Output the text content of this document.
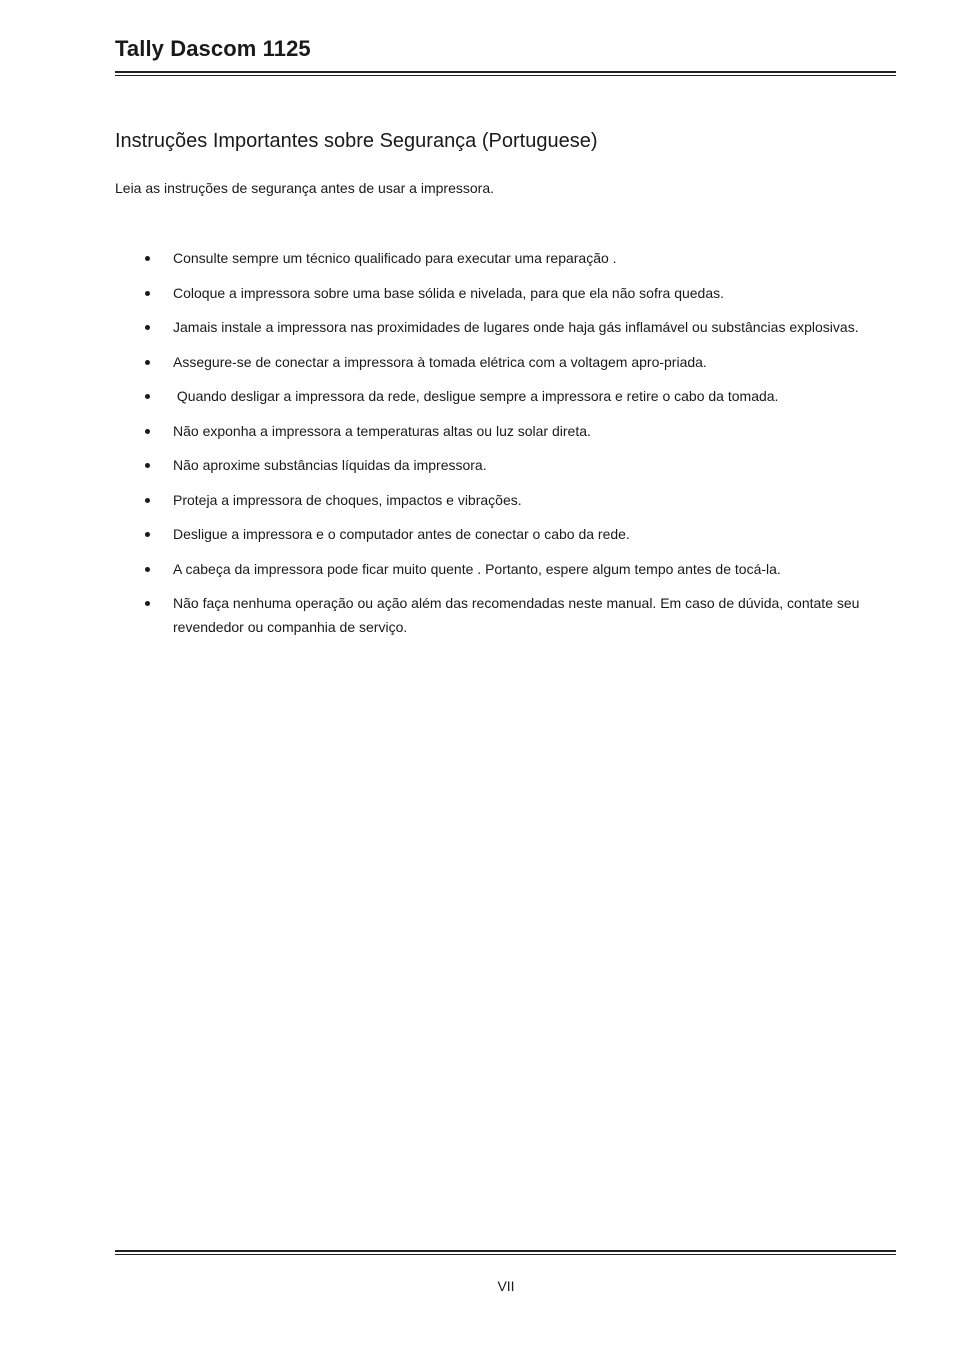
Tally Dascom 1125
Instruções Importantes sobre Segurança (Portuguese)

Leia as instruções de segurança antes de usar a impressora.

Consulte sempre um técnico qualificado para executar uma reparação .
Coloque a impressora sobre uma base sólida e nivelada, para que ela não sofra quedas.
Jamais instale a impressora nas proximidades de lugares onde haja gás inflamável ou substâncias explosivas.
Assegure-se de conectar a impressora à tomada elétrica com a voltagem apro-priada.
Quando desligar a impressora da rede, desligue sempre a impressora e retire o cabo da tomada.
Não exponha a impressora a temperaturas altas ou luz solar direta.
Não aproxime substâncias líquidas da impressora.
Proteja a impressora de choques, impactos e vibrações.
Desligue a impressora e o computador antes de conectar o cabo da rede.
A cabeça da impressora pode ficar muito quente . Portanto, espere algum tempo antes de tocá-la.
Não faça nenhuma operação ou ação além das recomendadas neste manual. Em caso de dúvida, contate seu revendedor ou companhia de serviço.
VII
